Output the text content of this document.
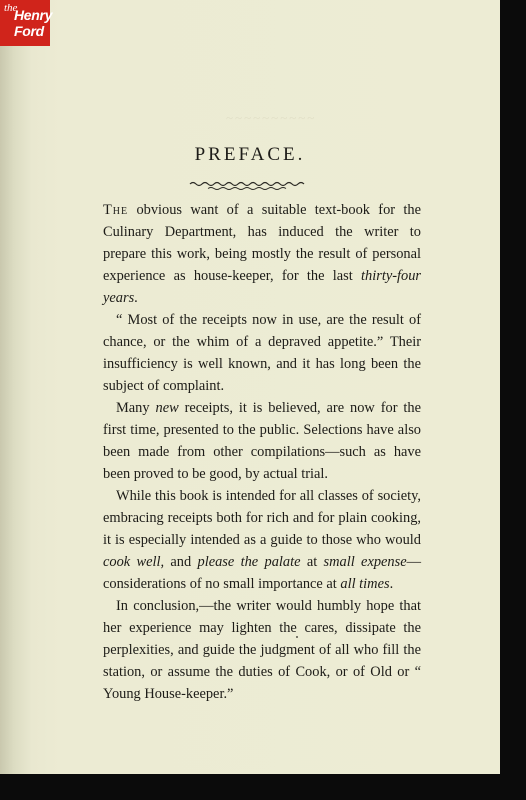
the
Henry
Ford
~~~~~~~~~~
PREFACE.

The obvious want of a suitable text-book for the Culinary Department, has induced the writer to prepare this work, being mostly the result of personal experience as house-keeper, for the last thirty-four years.

“ Most of the receipts now in use, are the result of chance, or the whim of a depraved appetite.” Their insufficiency is well known, and it has long been the subject of complaint.

Many new receipts, it is believed, are now for the first time, presented to the public. Selections have also been made from other compilations—such as have been proved to be good, by actual trial.

While this book is intended for all classes of society, embracing receipts both for rich and for plain cooking, it is especially intended as a guide to those who would cook well, and please the palate at small expense—considerations of no small importance at all times.

In conclusion,—the writer would humbly hope that her experience may lighten the cares, dissipate the perplexities, and guide the judgment of all who fill the station, or assume the duties of Cook, or of Old or “ Young House-keeper.”
